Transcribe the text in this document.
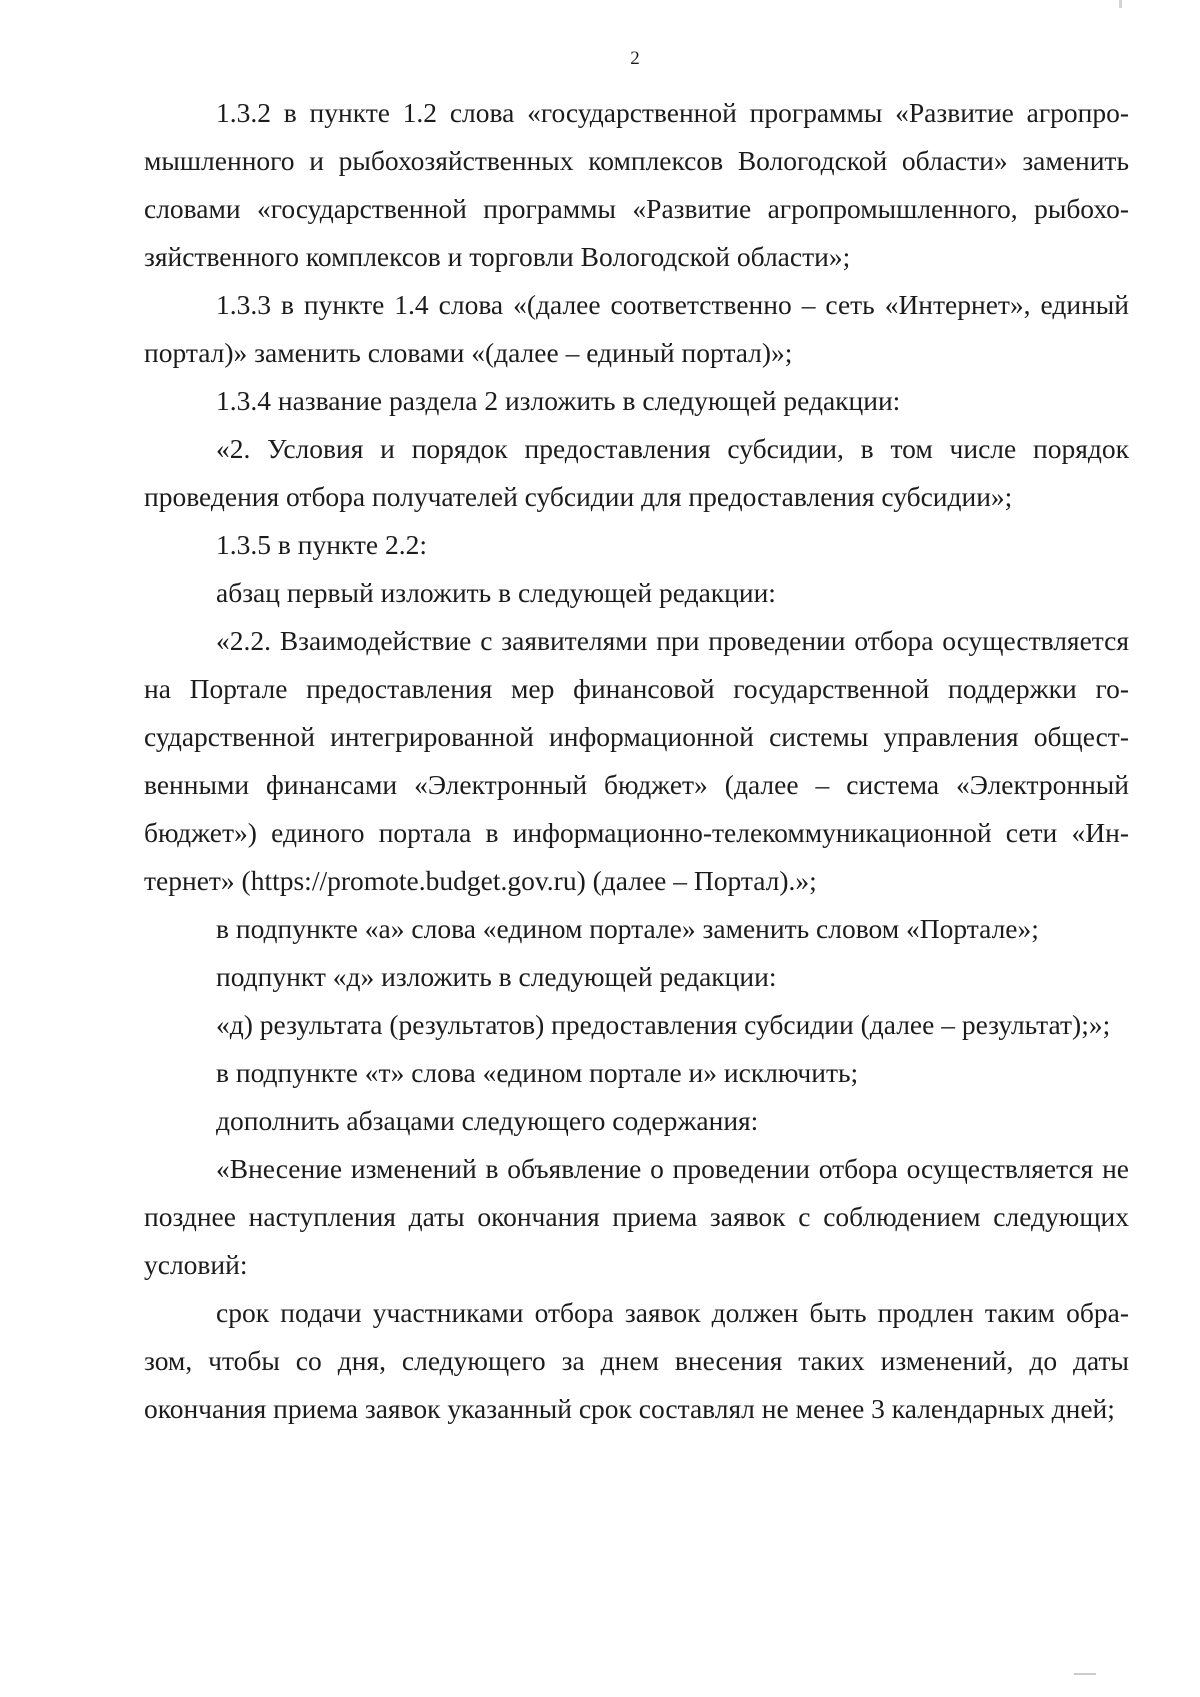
2

1.3.2 в пункте 1.2 слова «государственной программы «Развитие агропромышленного и рыбохозяйственных комплексов Вологодской области» заменить словами «государственной программы «Развитие агропромышленного, рыбохозяйственного комплексов и торговли Вологодской области»;

1.3.3 в пункте 1.4 слова «(далее соответственно – сеть «Интернет», единый портал)» заменить словами «(далее – единый портал)»;

1.3.4 название раздела 2 изложить в следующей редакции:

«2. Условия и порядок предоставления субсидии, в том числе порядок проведения отбора получателей субсидии для предоставления субсидии»;

1.3.5 в пункте 2.2:

абзац первый изложить в следующей редакции:

«2.2. Взаимодействие с заявителями при проведении отбора осуществляется на Портале предоставления мер финансовой государственной поддержки государственной интегрированной информационной системы управления общественными финансами «Электронный бюджет» (далее – система «Электронный бюджет») единого портала в информационно-телекоммуникационной сети «Интернет» (https://promote.budget.gov.ru) (далее – Портал).»;

в подпункте «а» слова «едином портале» заменить словом «Портале»;

подпункт «д» изложить в следующей редакции:

«д) результата (результатов) предоставления субсидии (далее – результат);»;

в подпункте «т» слова «едином портале и» исключить;

дополнить абзацами следующего содержания:

«Внесение изменений в объявление о проведении отбора осуществляется не позднее наступления даты окончания приема заявок с соблюдением следующих условий:

срок подачи участниками отбора заявок должен быть продлен таким образом, чтобы со дня, следующего за днем внесения таких изменений, до даты окончания приема заявок указанный срок составлял не менее 3 календарных дней;
